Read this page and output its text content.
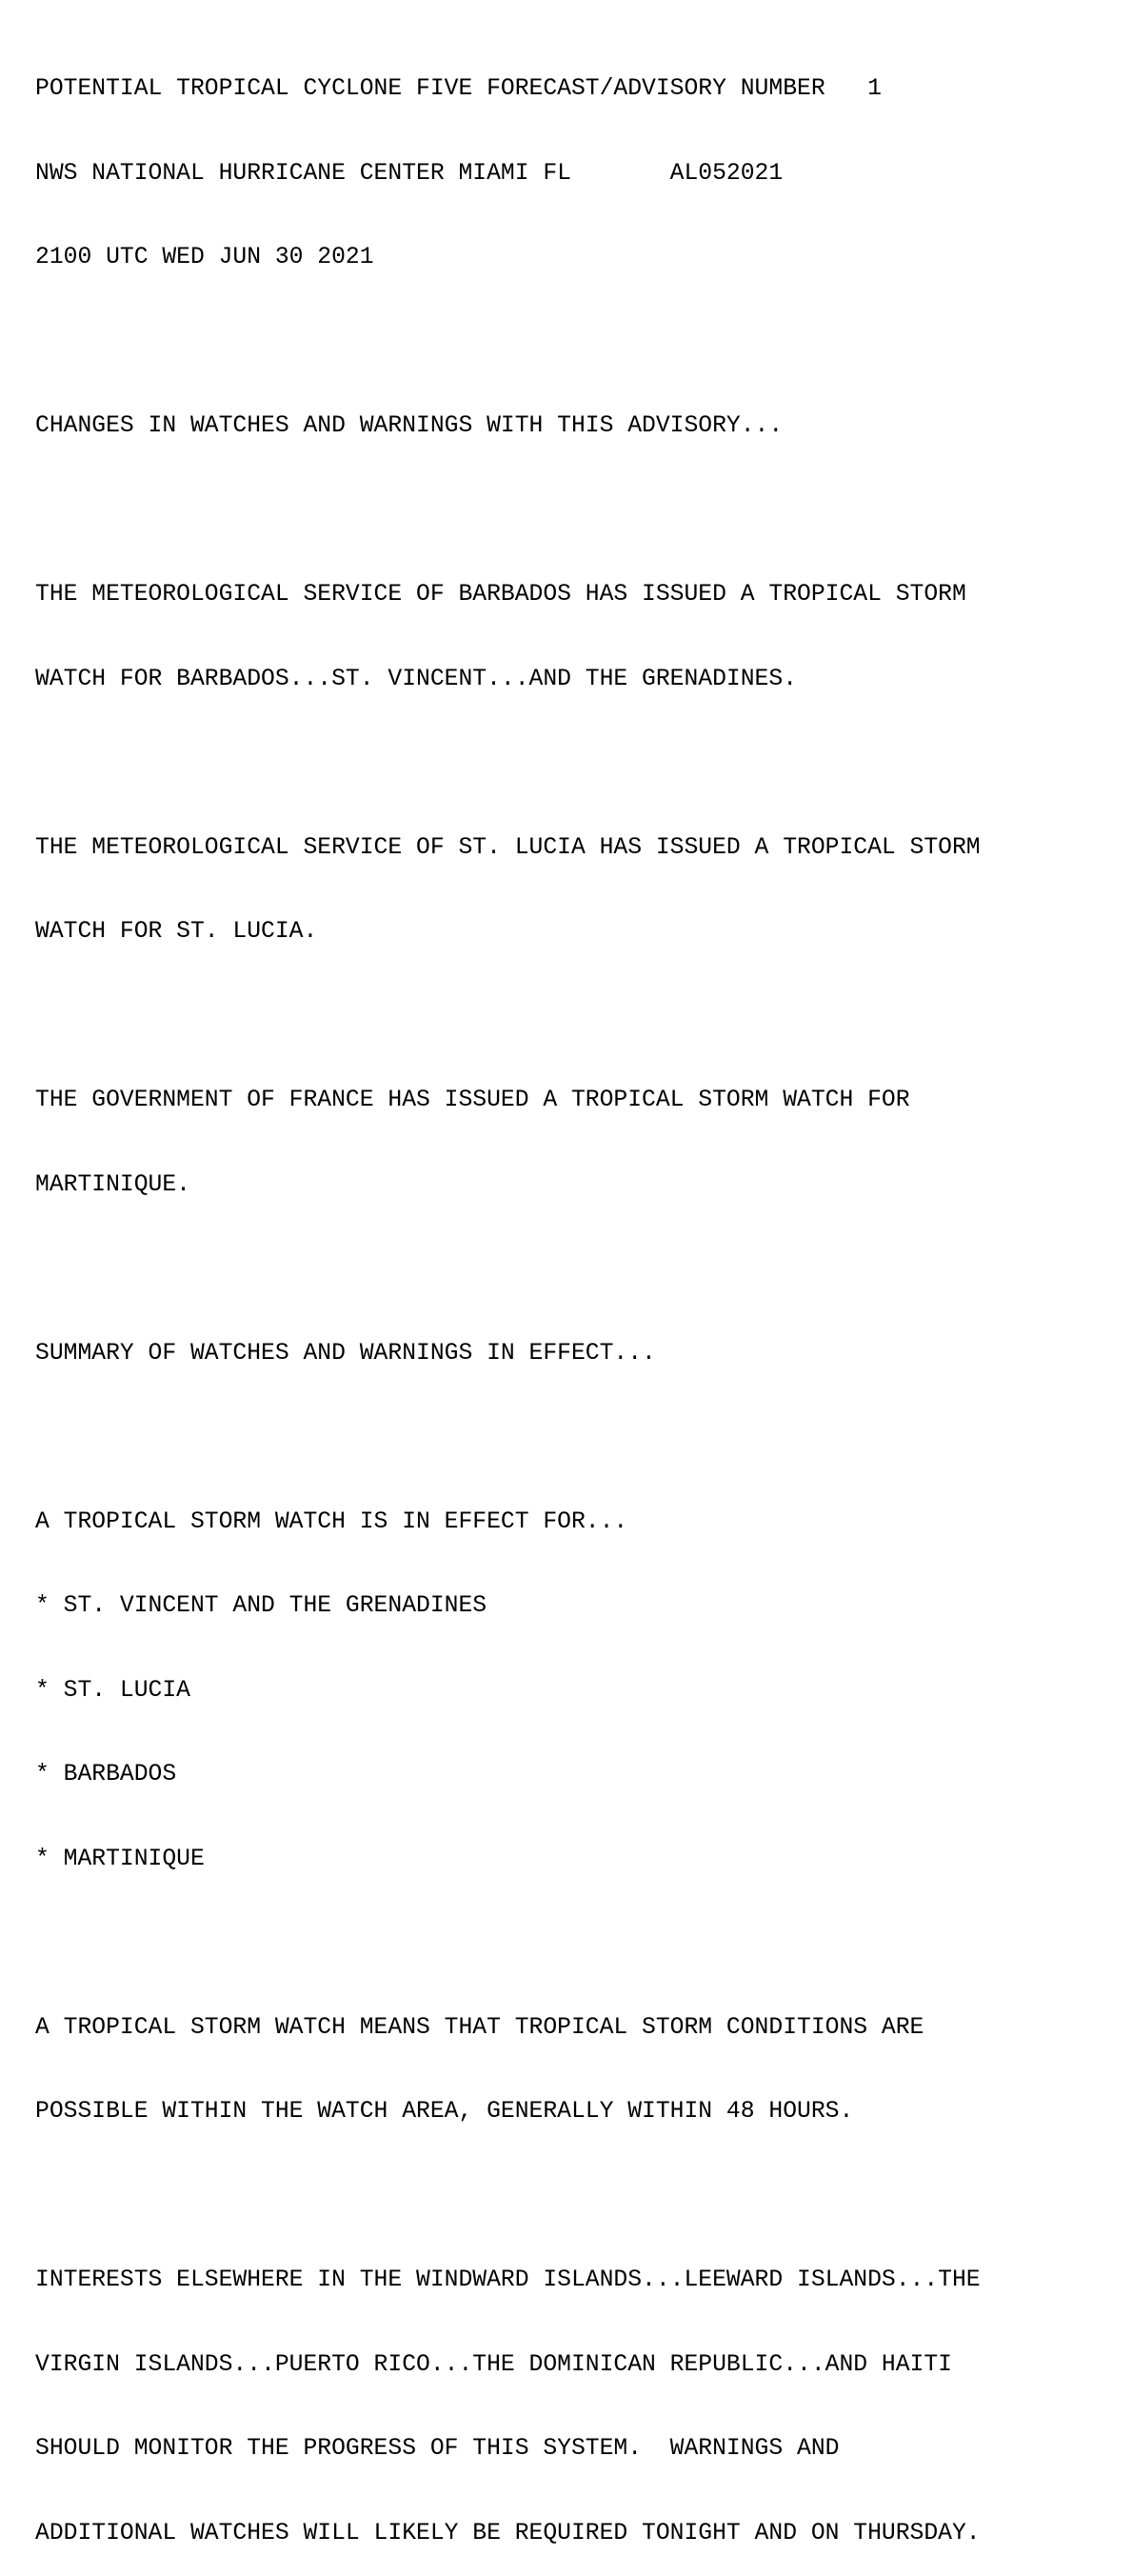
POTENTIAL TROPICAL CYCLONE FIVE FORECAST/ADVISORY NUMBER   1

NWS NATIONAL HURRICANE CENTER MIAMI FL       AL052021

2100 UTC WED JUN 30 2021

CHANGES IN WATCHES AND WARNINGS WITH THIS ADVISORY...

THE METEOROLOGICAL SERVICE OF BARBADOS HAS ISSUED A TROPICAL STORM

WATCH FOR BARBADOS...ST. VINCENT...AND THE GRENADINES.

THE METEOROLOGICAL SERVICE OF ST. LUCIA HAS ISSUED A TROPICAL STORM

WATCH FOR ST. LUCIA.

THE GOVERNMENT OF FRANCE HAS ISSUED A TROPICAL STORM WATCH FOR

MARTINIQUE.

SUMMARY OF WATCHES AND WARNINGS IN EFFECT...

A TROPICAL STORM WATCH IS IN EFFECT FOR...

* ST. VINCENT AND THE GRENADINES

* ST. LUCIA

* BARBADOS

* MARTINIQUE

A TROPICAL STORM WATCH MEANS THAT TROPICAL STORM CONDITIONS ARE

POSSIBLE WITHIN THE WATCH AREA, GENERALLY WITHIN 48 HOURS.

INTERESTS ELSEWHERE IN THE WINDWARD ISLANDS...LEEWARD ISLANDS...THE

VIRGIN ISLANDS...PUERTO RICO...THE DOMINICAN REPUBLIC...AND HAITI

SHOULD MONITOR THE PROGRESS OF THIS SYSTEM.  WARNINGS AND

ADDITIONAL WATCHES WILL LIKELY BE REQUIRED TONIGHT AND ON THURSDAY.
